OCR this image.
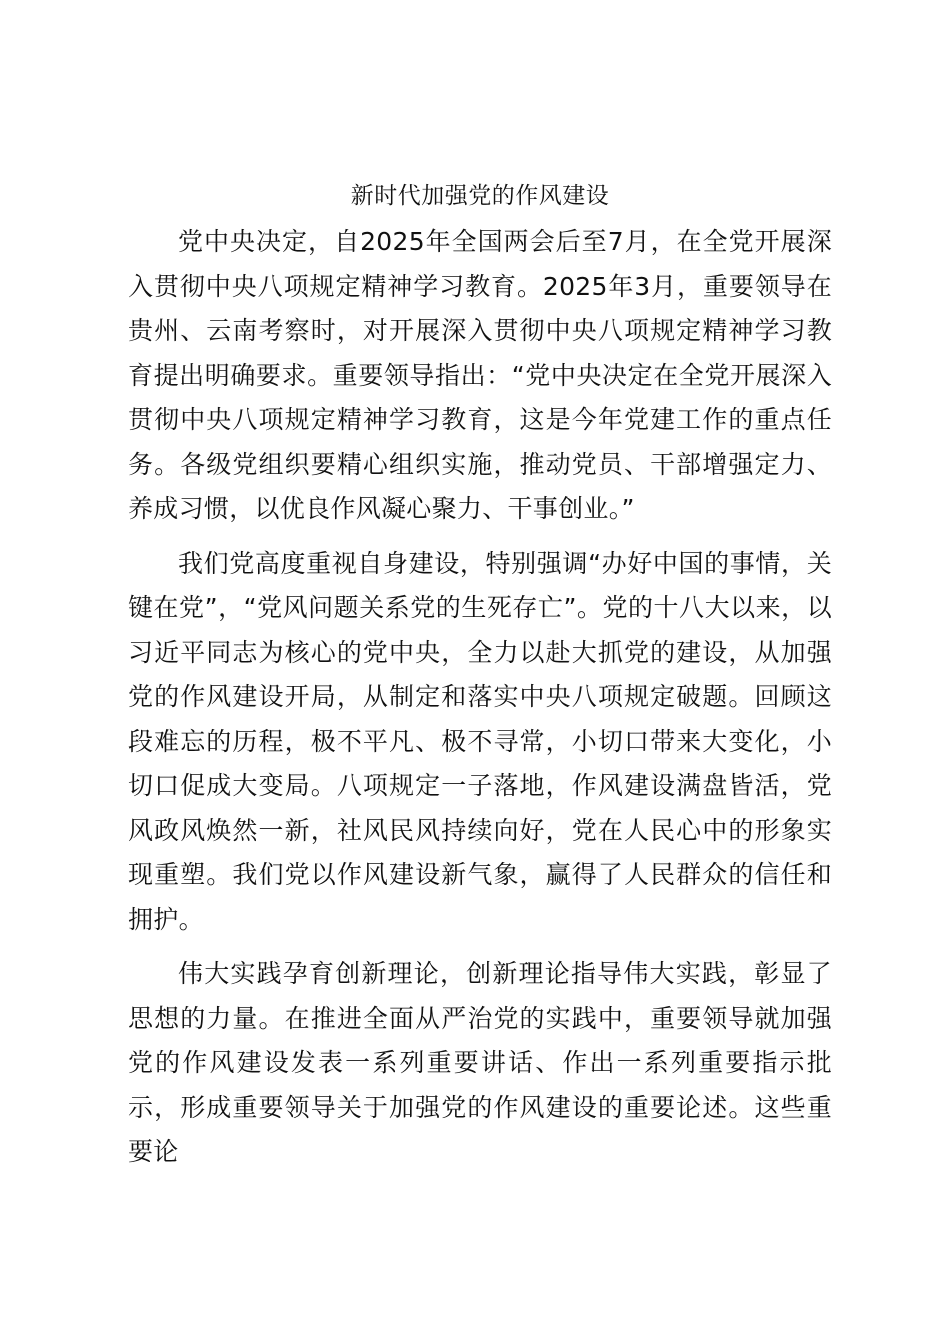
新时代加强党的作风建设

党中央决定，自2025年全国两会后至7月，在全党开展深入贯彻中央八项规定精神学习教育。2025年3月，重要领导在贵州、云南考察时，对开展深入贯彻中央八项规定精神学习教育提出明确要求。重要领导指出：“党中央决定在全党开展深入贯彻中央八项规定精神学习教育，这是今年党建工作的重点任务。各级党组织要精心组织实施，推动党员、干部增强定力、养成习惯，以优良作风凝心聚力、干事创业。”

我们党高度重视自身建设，特别强调“办好中国的事情，关键在党”，“党风问题关系党的生死存亡”。党的十八大以来，以习近平同志为核心的党中央，全力以赴大抓党的建设，从加强党的作风建设开局，从制定和落实中央八项规定破题。回顾这段难忘的历程，极不平凡、极不寻常，小切口带来大变化，小切口促成大变局。八项规定一子落地，作风建设满盘皆活，党风政风焕然一新，社风民风持续向好，党在人民心中的形象实现重塑。我们党以作风建设新气象，赢得了人民群众的信任和拥护。

伟大实践孕育创新理论，创新理论指导伟大实践，彰显了思想的力量。在推进全面从严治党的实践中，重要领导就加强党的作风建设发表一系列重要讲话、作出一系列重要指示批示，形成重要领导关于加强党的作风建设的重要论述。这些重要论
